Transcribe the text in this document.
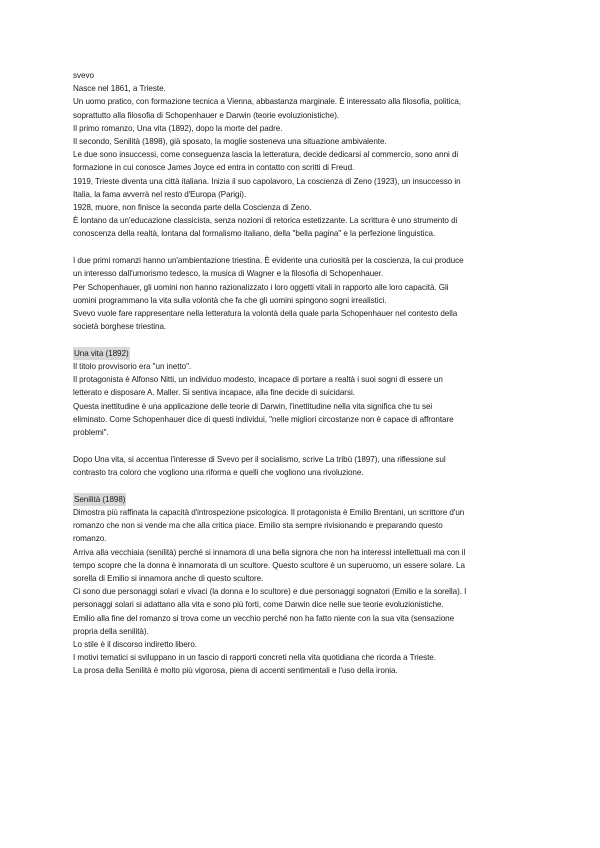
svevo
Nasce nel 1861, a Trieste.
Un uomo pratico, con formazione tecnica a Vienna, abbastanza marginale. È interessato alla filosofia, politica,
soprattutto alla filosofia di Schopenhauer e Darwin (teorie evoluzionistiche).
Il primo romanzo, Una vita (1892), dopo la morte del padre.
Il secondo, Senilità (1898), già sposato, la moglie sosteneva una situazione ambivalente.
Le due sono insuccessi, come conseguenza lascia la letteratura, decide dedicarsi al commercio, sono anni di
formazione in cui conosce James Joyce ed entra in contatto con scritti di Freud.
1919, Trieste diventa una città italiana. Inizia il suo capolavoro, La coscienza di Zeno (1923), un insuccesso in
Italia, la fama avverrà nel resto d'Europa (Parigi).
1928, muore, non finisce la seconda parte della Coscienza di Zeno.
È lontano da un'educazione classicista, senza nozioni di retorica estetizzante. La scrittura è uno strumento di
conoscenza della realtà, lontana dal formalismo italiano, della "bella pagina" e la perfezione linguistica.
I due primi romanzi hanno un'ambientazione triestina. È evidente una curiosità per la coscienza, la cui produce
un interesso dall'umorismo tedesco, la musica di Wagner e la filosofia di Schopenhauer.
Per Schopenhauer, gli uomini non hanno razionalizzato i loro oggetti vitali in rapporto alle loro capacità. Gli
uomini programmano la vita sulla volontà che fa che gli uomini spingono sogni irrealistici.
Svevo vuole fare rappresentare nella letteratura la volontà della quale parla Schopenhauer nel contesto della
società borghese triestina.
Una vita (1892)
Il titolo provvisorio era "un inetto".
Il protagonista è Alfonso Nitti, un individuo modesto, incapace di portare a realtà i suoi sogni di essere un
letterato e disposare A. Maller. Si sentiva incapace, alla fine decide di suicidarsi.
Questa inettitudine è una applicazione delle teorie di Darwin, l'inettitudine nella vita significa che tu sei
eliminato. Come Schopenhauer dice di questi individui, "nelle migliori circostanze non è capace di affrontare
problemi".
Dopo Una vita, si accentua l'interesse di Svevo per il socialismo, scrive La tribù (1897), una riflessione sul
contrasto tra coloro che vogliono una riforma e quelli che vogliono una rivoluzione.
Senilità (1898)
Dimostra più raffinata la capacità d'introspezione psicologica. Il protagonista è Emilio Brentani, un scrittore d'un
romanzo che non si vende ma che alla critica piace. Emilio sta sempre rivisionando e preparando questo
romanzo.
Arriva alla vecchiaia (senilità) perché si innamora di una bella signora che non ha interessi intellettuali ma con il
tempo scopre che la donna è innamorata di un scultore. Questo scultore è un superuomo, un essere solare. La
sorella di Emilio si innamora anche di questo scultore.
Ci sono due personaggi solari e vivaci (la donna e lo scultore) e due personaggi sognatori (Emilio e la sorella). I
personaggi solari si adattano alla vita e sono più forti, come Darwin dice nelle sue teorie evoluzionistiche.
Emilio alla fine del romanzo si trova come un vecchio perché non ha fatto niente con la sua vita (sensazione
propria della senilità).
Lo stile è il discorso indiretto libero.
I motivi tematici si sviluppano in un fascio di rapporti concreti nella vita quotidiana che ricorda a Trieste.
La prosa della Senilità è molto più vigorosa, piena di accenti sentimentali e l'uso della ironia.
